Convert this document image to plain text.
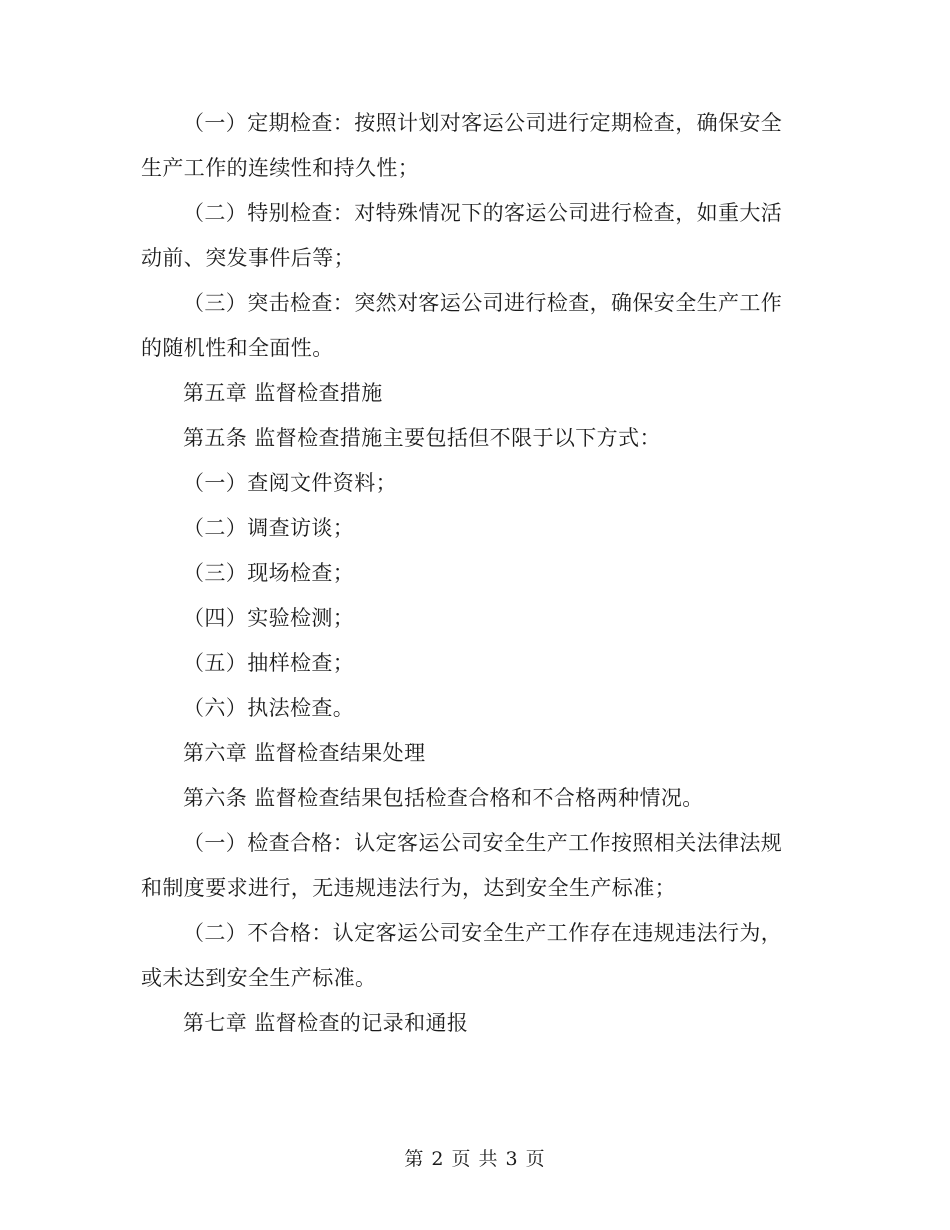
（一）定期检查：按照计划对客运公司进行定期检查，确保安全生产工作的连续性和持久性；

（二）特别检查：对特殊情况下的客运公司进行检查，如重大活动前、突发事件后等；

（三）突击检查：突然对客运公司进行检查，确保安全生产工作的随机性和全面性。

第五章 监督检查措施

第五条 监督检查措施主要包括但不限于以下方式：

（一）查阅文件资料；

（二）调查访谈；

（三）现场检查；

（四）实验检测；

（五）抽样检查；

（六）执法检查。

第六章 监督检查结果处理

第六条 监督检查结果包括检查合格和不合格两种情况。

（一）检查合格：认定客运公司安全生产工作按照相关法律法规和制度要求进行，无违规违法行为，达到安全生产标准；

（二）不合格：认定客运公司安全生产工作存在违规违法行为，或未达到安全生产标准。

第七章 监督检查的记录和通报

第 2 页 共 3 页
